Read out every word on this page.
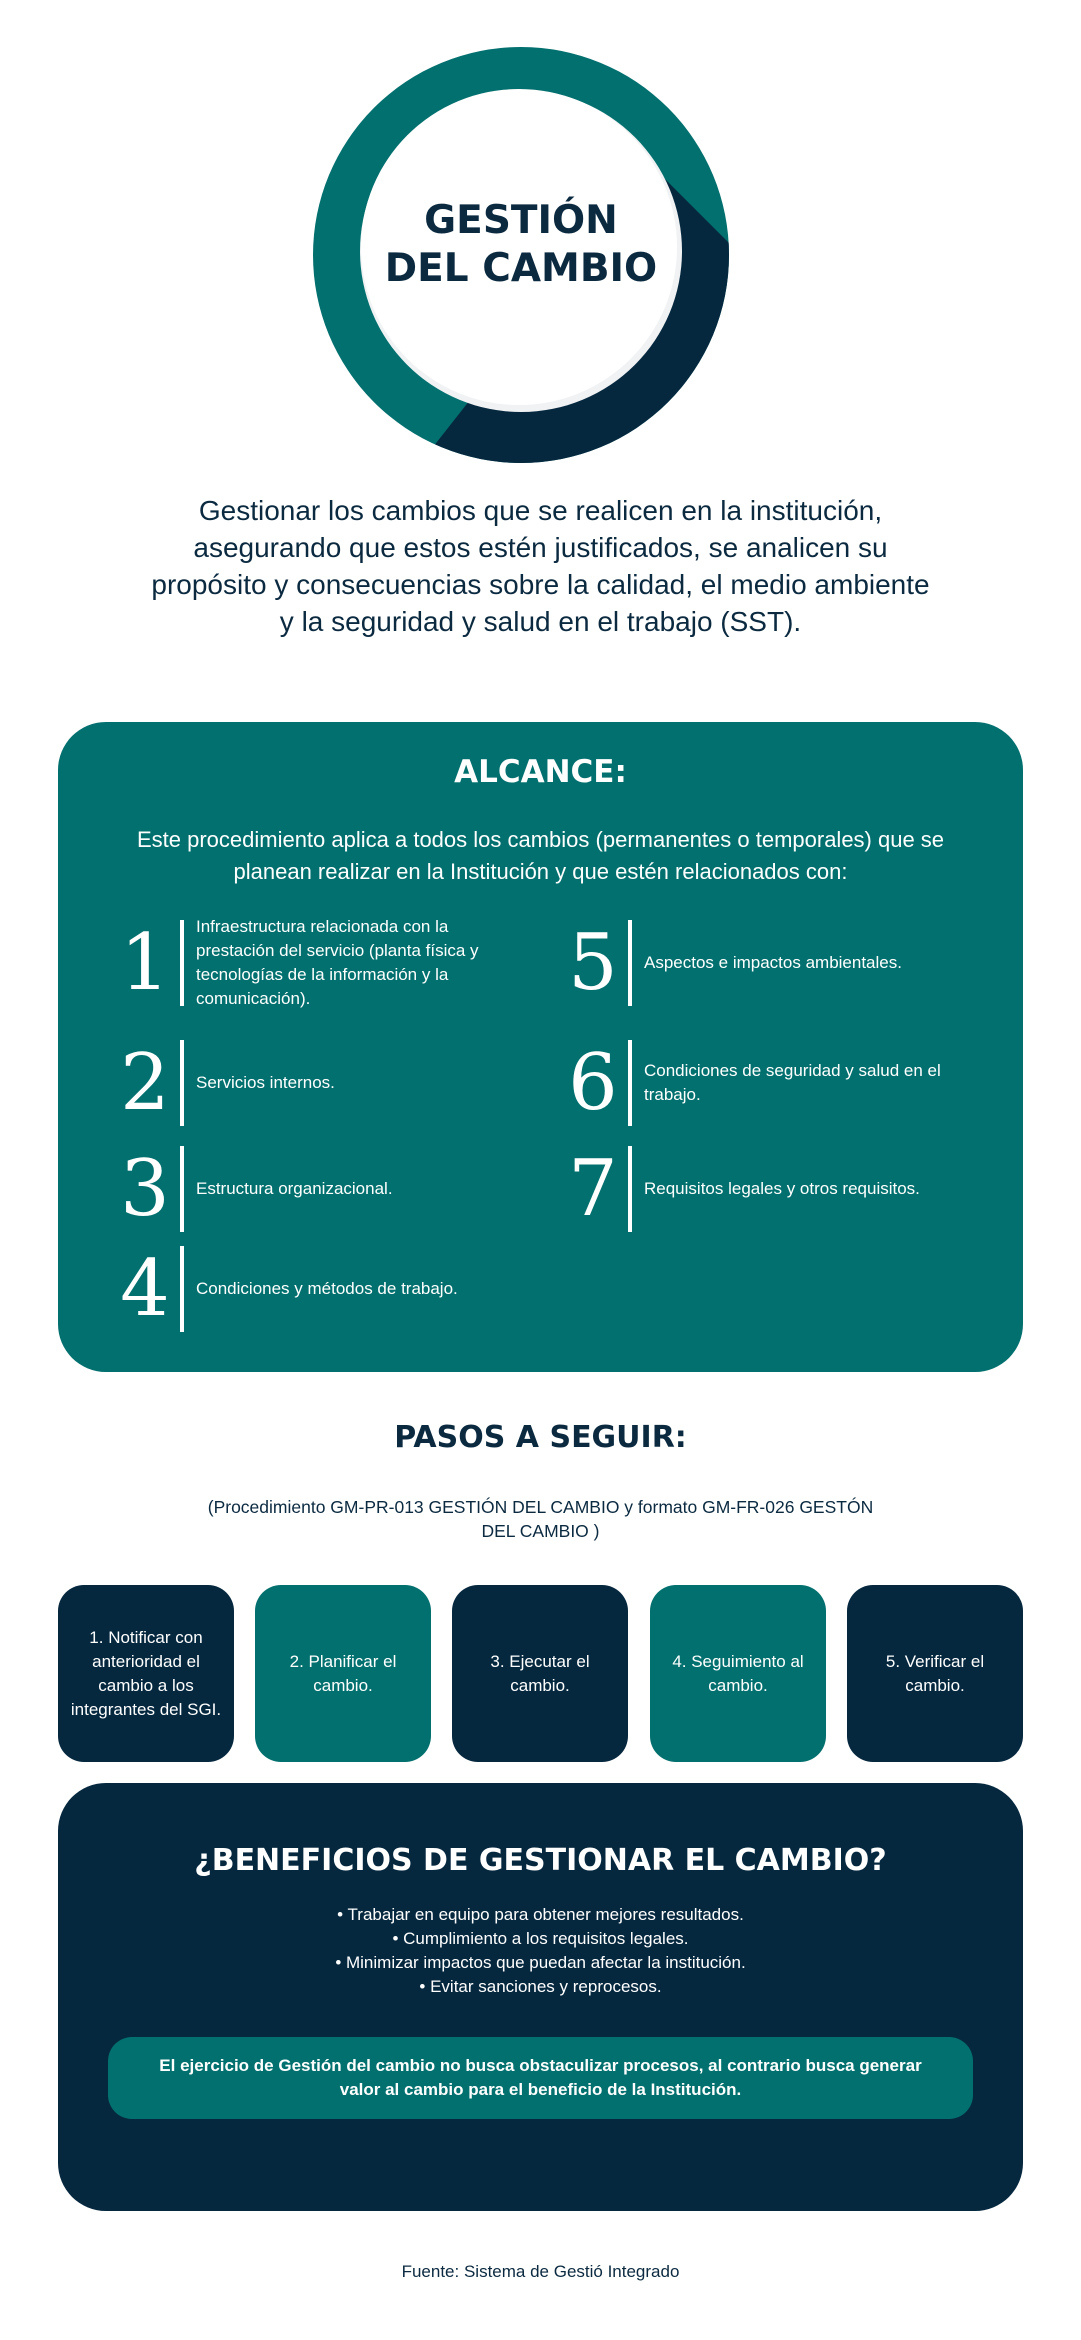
GESTIÓN
DEL CAMBIO
Gestionar los cambios que se realicen en la institución, asegurando que estos estén justificados, se analicen su propósito y consecuencias sobre la calidad, el medio ambiente y la seguridad y salud en el trabajo (SST).
ALCANCE:
Este procedimiento aplica a todos los cambios (permanentes o temporales) que se planean realizar en la Institución y que estén relacionados con:
1 Infraestructura relacionada con la prestación del servicio (planta física y tecnologías de la información y la comunicación).
2 Servicios internos.
3 Estructura organizacional.
4 Condiciones y métodos de trabajo.
5 Aspectos e impactos ambientales.
6 Condiciones de seguridad y salud en el trabajo.
7 Requisitos legales y otros requisitos.
PASOS A SEGUIR:
(Procedimiento GM-PR-013 GESTIÓN DEL CAMBIO y formato GM-FR-026 GESTÓN DEL CAMBIO )
1. Notificar con anterioridad el cambio a los integrantes del SGI.
2. Planificar el cambio.
3. Ejecutar el cambio.
4. Seguimiento al cambio.
5. Verificar el cambio.
¿BENEFICIOS DE GESTIONAR EL CAMBIO?
• Trabajar en equipo para obtener mejores resultados.
• Cumplimiento a los requisitos legales.
• Minimizar impactos que puedan afectar la institución.
• Evitar sanciones y reprocesos.
El ejercicio de Gestión del cambio no busca obstaculizar procesos, al contrario busca generar valor al cambio para el beneficio de la Institución.
Fuente: Sistema de Gestió Integrado
